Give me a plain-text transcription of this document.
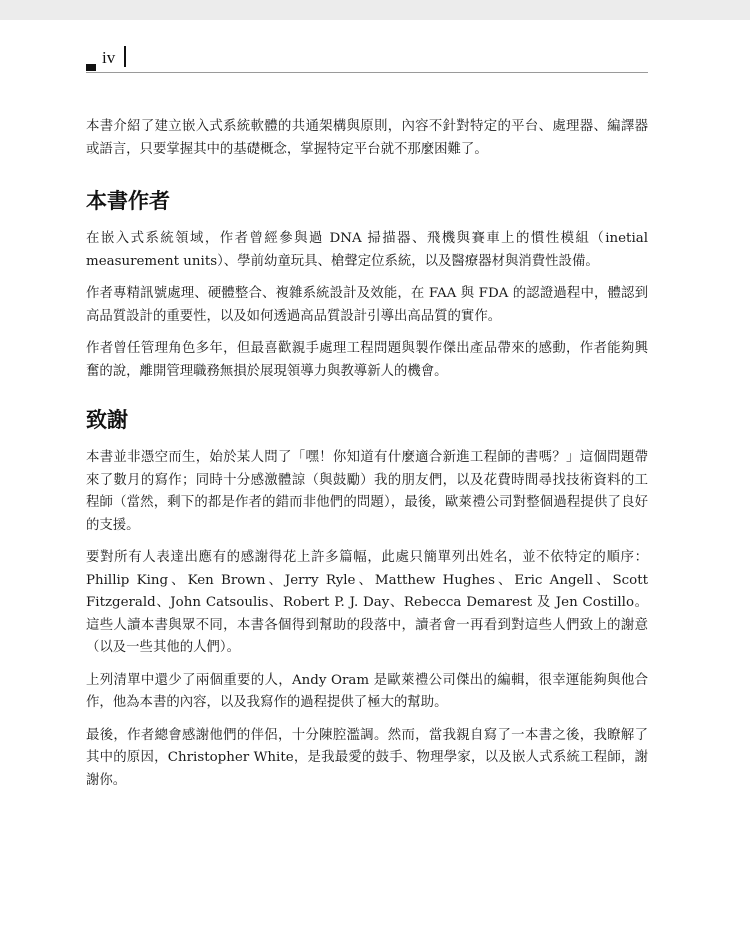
iv

本書介紹了建立嵌入式系統軟體的共通架構與原則，內容不針對特定的平台、處理器、編譯器或語言，只要掌握其中的基礎概念，掌握特定平台就不那麼困難了。

本書作者

在嵌入式系統領域，作者曾經參與過 DNA 掃描器、飛機與賽車上的慣性模組（inetial measurement units）、學前幼童玩具、槍聲定位系統，以及醫療器材與消費性設備。

作者專精訊號處理、硬體整合、複雜系統設計及效能，在 FAA 與 FDA 的認證過程中，體認到高品質設計的重要性，以及如何透過高品質設計引導出高品質的實作。

作者曾任管理角色多年，但最喜歡親手處理工程問題與製作傑出產品帶來的感動，作者能夠興奮的說，離開管理職務無損於展現領導力與教導新人的機會。

致謝

本書並非憑空而生，始於某人問了「嘿！你知道有什麼適合新進工程師的書嗎？」這個問題帶來了數月的寫作；同時十分感激體諒（與鼓勵）我的朋友們，以及花費時間尋找技術資料的工程師（當然，剩下的都是作者的錯而非他們的問題），最後，歐萊禮公司對整個過程提供了良好的支援。

要對所有人表達出應有的感謝得花上許多篇幅，此處只簡單列出姓名，並不依特定的順序：Phillip King、Ken Brown、Jerry Ryle、Matthew Hughes、Eric Angell、Scott Fitzgerald、John Catsoulis、Robert P. J. Day、Rebecca Demarest 及 Jen Costillo。這些人讀本書與眾不同，本書各個得到幫助的段落中，讀者會一再看到對這些人們致上的謝意（以及一些其他的人們）。

上列清單中還少了兩個重要的人，Andy Oram 是歐萊禮公司傑出的編輯，很幸運能夠與他合作，他為本書的內容，以及我寫作的過程提供了極大的幫助。

最後，作者總會感謝他們的伴侶，十分陳腔濫調。然而，當我親自寫了一本書之後，我瞭解了其中的原因，Christopher White，是我最愛的鼓手、物理學家，以及嵌人式系統工程師，謝謝你。
